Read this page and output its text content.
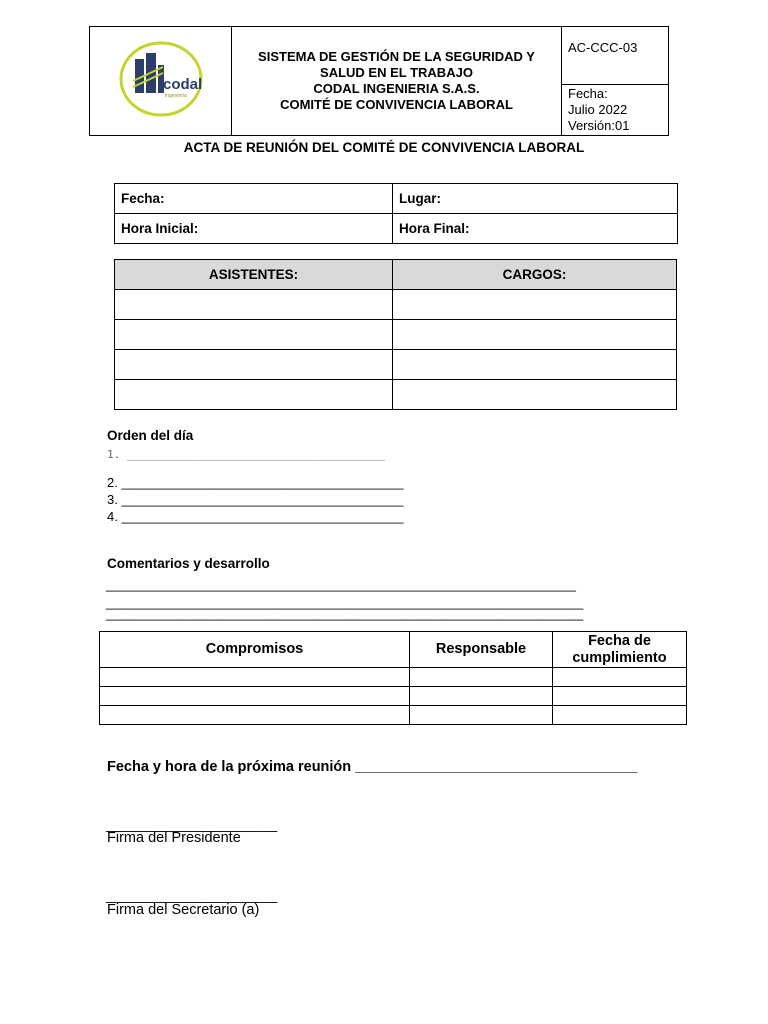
codal
ingeniería

SISTEMA DE GESTIÓN DE LA SEGURIDAD Y
SALUD EN EL TRABAJO
CODAL INGENIERIA S.A.S.
COMITÉ DE CONVIVENCIA LABORAL
	AC-CCC-03

Fecha:
Julio 2022
Versión:01
ACTA DE REUNIÓN DEL COMITÉ DE CONVIVENCIA LABORAL
Fecha:	Lugar:
Hora Inicial:	Hora Final:
ASISTENTES:	CARGOS:

Orden del día
1. _______________________________________
2. _______________________________________
3. _______________________________________
4. _______________________________________
Comentarios y desarrollo
_________________________________________________________________
__________________________________________________________________
__________________________________________________________________
Compromisos	Responsable	Fecha de
cumplimiento

Fecha y hora de la próxima reunión ___________________________________
______________________
Firma del Presidente
______________________
Firma del Secretario (a)
